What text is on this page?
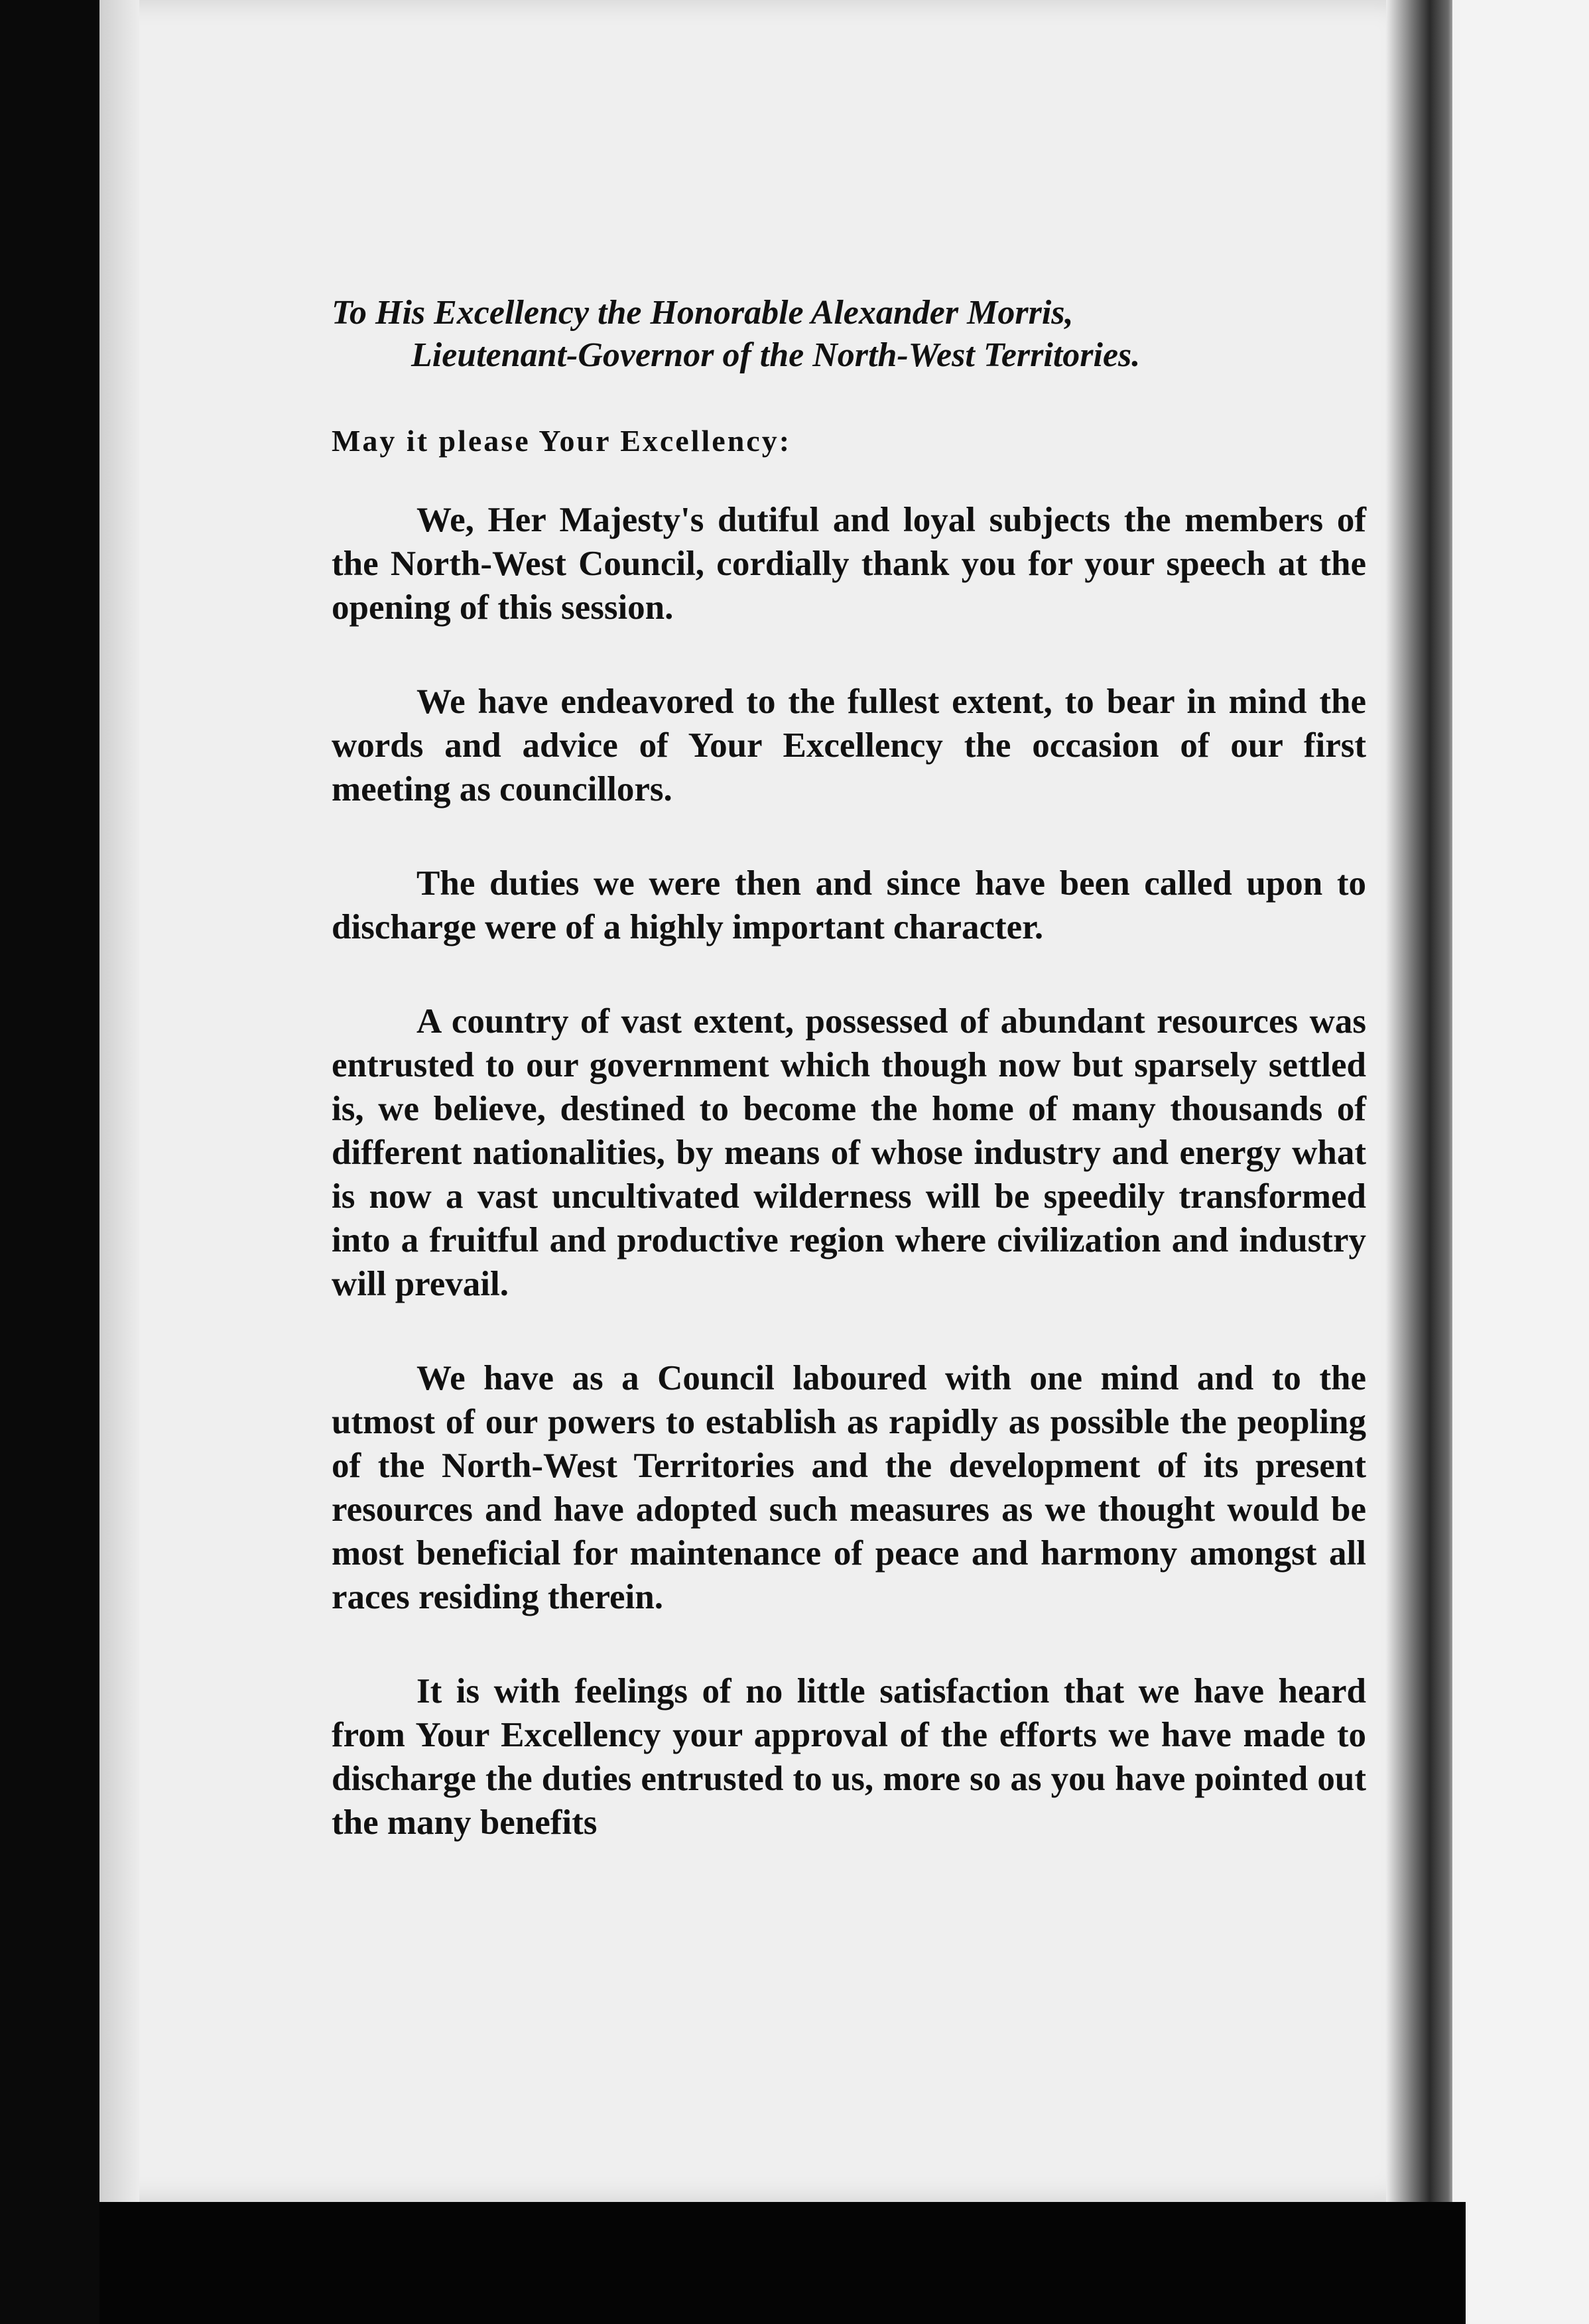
To His Excellency the Honorable Alexander Morris,
Lieutenant-Governor of the North-West Territories.
May it please Your Excellency:

We, Her Majesty's dutiful and loyal subjects the members of the North-West Council, cordially thank you for your speech at the opening of this session.

We have endeavored to the fullest extent, to bear in mind the words and advice of Your Excellency the occasion of our first meeting as councillors.

The duties we were then and since have been called upon to discharge were of a highly important character.

A country of vast extent, possessed of abundant resources was entrusted to our government which though now but sparsely settled is, we believe, destined to become the home of many thousands of different nationalities, by means of whose industry and energy what is now a vast uncultivated wilderness will be speedily transformed into a fruitful and productive region where civilization and industry will prevail.

We have as a Council laboured with one mind and to the utmost of our powers to establish as rapidly as possible the peopling of the North-West Territories and the development of its present resources and have adopted such measures as we thought would be most beneficial for maintenance of peace and harmony amongst all races residing therein.

It is with feelings of no little satisfaction that we have heard from Your Excellency your approval of the efforts we have made to discharge the duties entrusted to us, more so as you have pointed out the many benefits
